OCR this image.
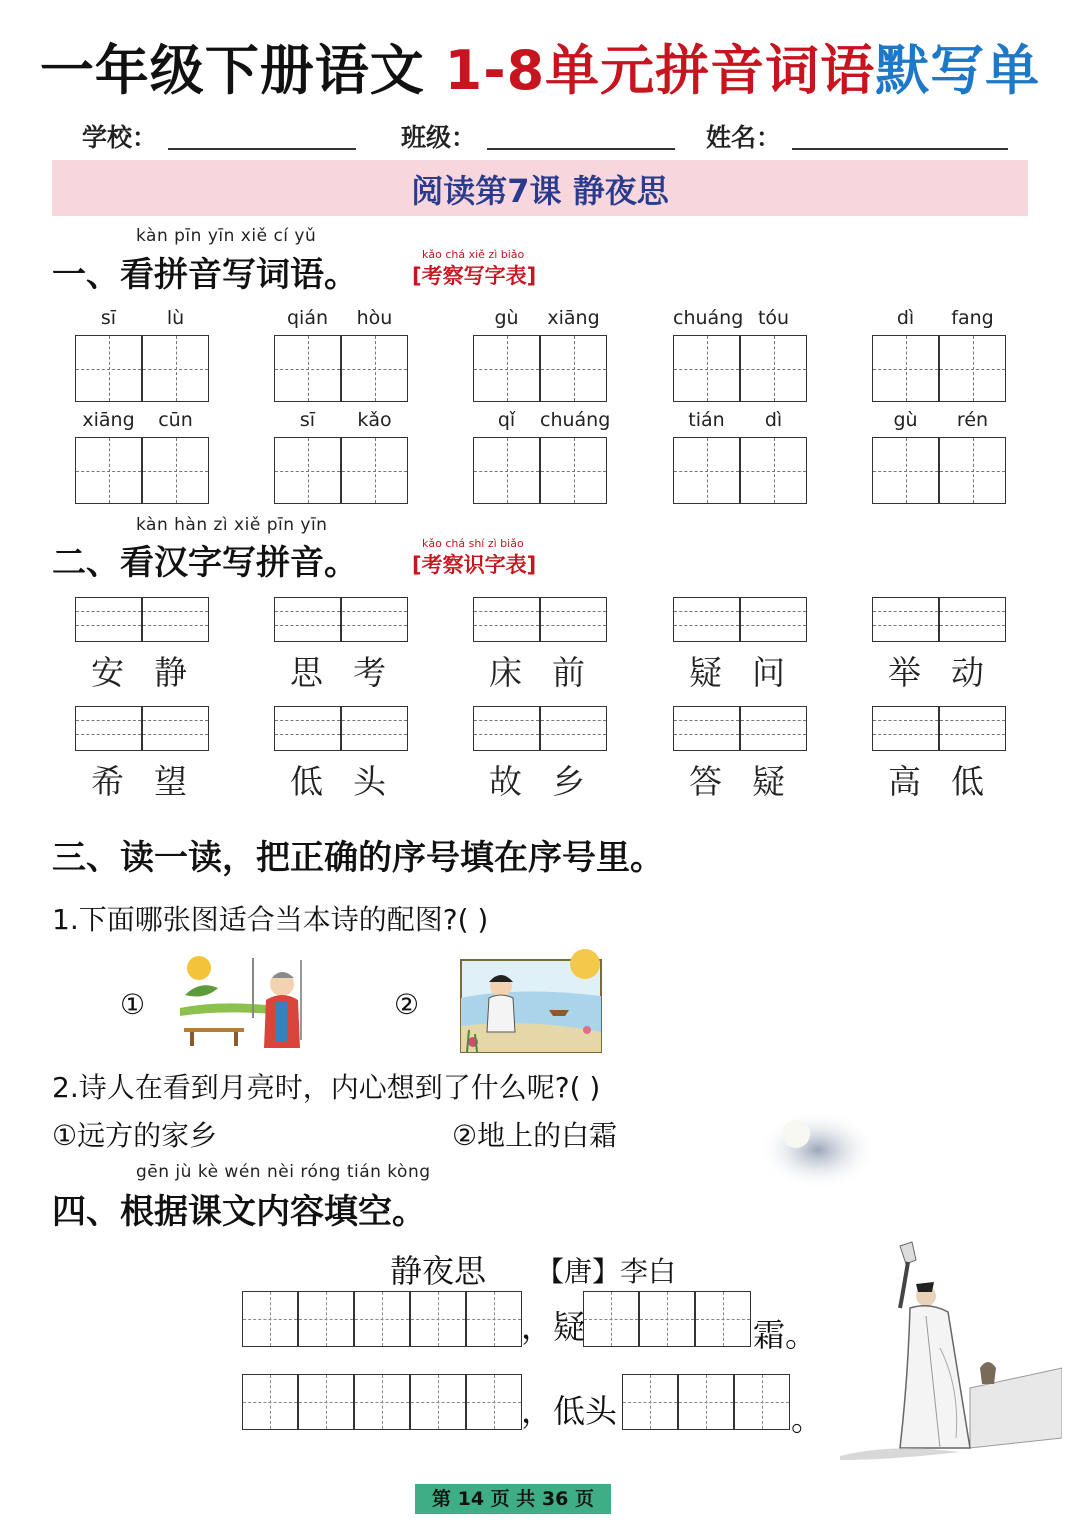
一年级下册语文 1-8单元拼音词语默写单
学校：	班级：	姓名：
阅读第7课 静夜思
kàn pīn yīn xiě cí yǔ
一、看拼音写词语。
kǎo chá xiě zì biǎo
[考察写字表]
sī	lù	qián	hòu	gù	xiāng	chuáng tóu	dì	fang
xiāng	cūn	sī	kǎo	qǐ	chuáng	tián	dì	gù	rén
kàn hàn zì xiě pīn yīn
二、看汉字写拼音。	kǎo chá shí zì biǎo
[考察识字表]
安静 思考 床前 疑问 举动
希望 低头 故乡 答疑 高低
三、读一读，把正确的序号填在序号里。
1.下面哪张图适合当本诗的配图?( )
①	②
2.诗人在看到月亮时，内心想到了什么呢?( )
①远方的家乡	②地上的白霜
gēn jù kè wén nèi róng tián kòng
四、根据课文内容填空。
静夜思 【唐】李白
，疑	霜。
，低头	。
第 14 页 共 36 页
